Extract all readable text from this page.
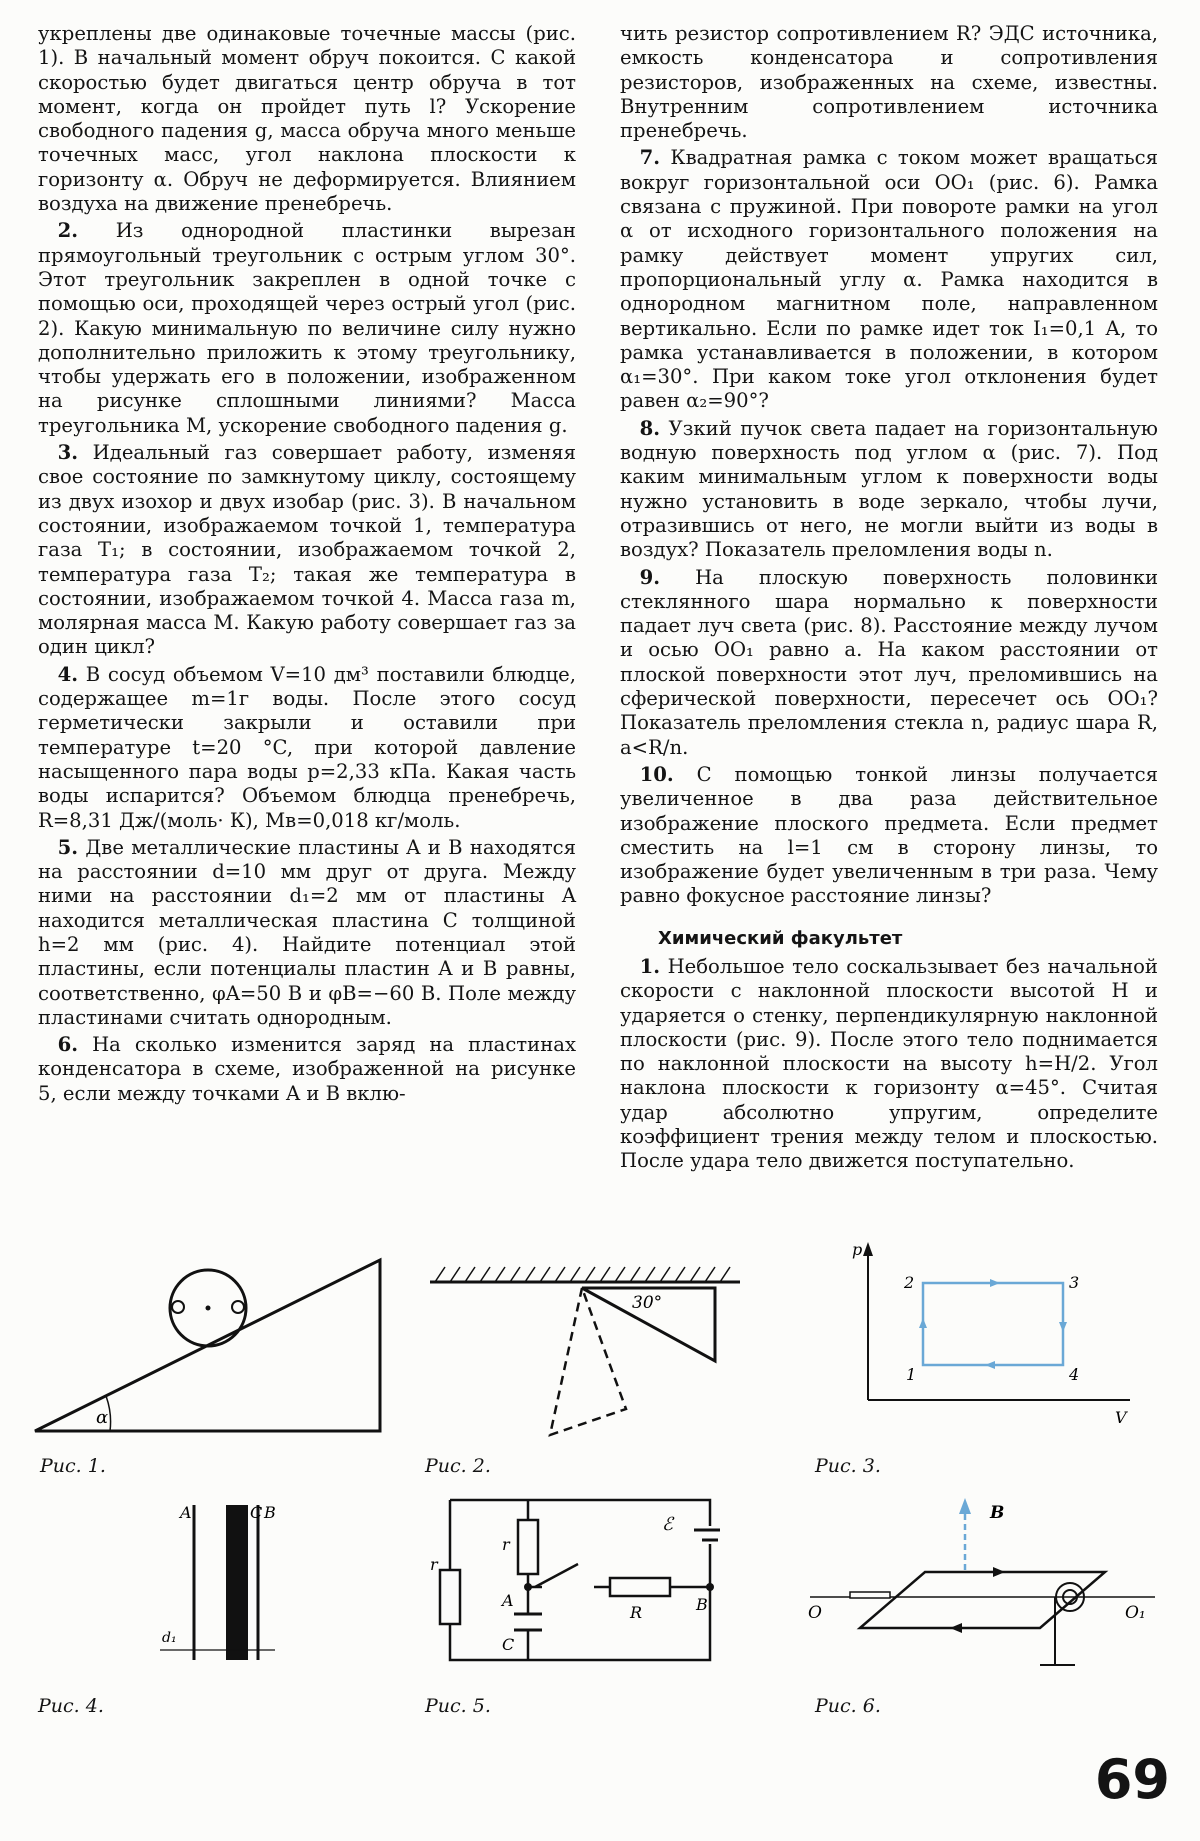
укреплены две одинаковые точечные массы (рис. 1). В начальный момент обруч покоится. С какой скоростью будет двигаться центр обруча в тот момент, когда он пройдет путь l? Ускорение свободного падения g, масса обруча много меньше точечных масс, угол наклона плоскости к горизонту α. Обруч не деформируется. Влиянием воздуха на движение пренебречь.

 2. Из однородной пластинки вырезан прямоугольный треугольник с острым углом 30°. Этот треугольник закреплен в одной точке с помощью оси, проходящей через острый угол (рис. 2). Какую минимальную по величине силу нужно дополнительно приложить к этому треугольнику, чтобы удержать его в положении, изображенном на рисунке сплошными линиями? Масса треугольника M, ускорение свободного падения g.

 3. Идеальный газ совершает работу, изменяя свое состояние по замкнутому циклу, состоящему из двух изохор и двух изобар (рис. 3). В начальном состоянии, изображаемом точкой 1, температура газа T₁; в состоянии, изображаемом точкой 2, температура газа T₂; такая же температура в состоянии, изображаемом точкой 4. Масса газа m, молярная масса M. Какую работу совершает газ за один цикл?

 4. В сосуд объемом V=10 дм³ поставили блюдце, содержащее m=1г воды. После этого сосуд герметически закрыли и оставили при температуре t=20 °C, при которой давление насыщенного пара воды p=2,33 кПа. Какая часть воды испарится? Объемом блюдца пренебречь, R=8,31 Дж/(моль· К), Mв=0,018 кг/моль.

 5. Две металлические пластины A и B находятся на расстоянии d=10 мм друг от друга. Между ними на расстоянии d₁=2 мм от пластины A находится металлическая пластина C толщиной h=2 мм (рис. 4). Найдите потенциал этой пластины, если потенциалы пластин A и B равны, соответственно, φA=50 В и φB=−60 В. Поле между пластинами считать однородным.

 6. На сколько изменится заряд на пластинах конденсатора в схеме, изображенной на рисунке 5, если между точками A и B вклю-

чить резистор сопротивлением R? ЭДС источника, емкость конденсатора и сопротивления резисторов, изображенных на схеме, известны. Внутренним сопротивлением источника пренебречь.

 7. Квадратная рамка с током может вращаться вокруг горизонтальной оси OO₁ (рис. 6). Рамка связана с пружиной. При повороте рамки на угол α от исходного горизонтального положения на рамку действует момент упругих сил, пропорциональный углу α. Рамка находится в однородном магнитном поле, направленном вертикально. Если по рамке идет ток I₁=0,1 А, то рамка устанавливается в положении, в котором α₁=30°. При каком токе угол отклонения будет равен α₂=90°?

 8. Узкий пучок света падает на горизонтальную водную поверхность под углом α (рис. 7). Под каким минимальным углом к поверхности воды нужно установить в воде зеркало, чтобы лучи, отразившись от него, не могли выйти из воды в воздух? Показатель преломления воды n.

 9. На плоскую поверхность половинки стеклянного шара нормально к поверхности падает луч света (рис. 8). Расстояние между лучом и осью OO₁ равно a. На каком расстоянии от плоской поверхности этот луч, преломившись на сферической поверхности, пересечет ось OO₁? Показатель преломления стекла n, радиус шара R, a<R/n.

 10. С помощью тонкой линзы получается увеличенное в два раза действительное изображение плоского предмета. Если предмет сместить на l=1 см в сторону линзы, то изображение будет увеличенным в три раза. Чему равно фокусное расстояние линзы?

Химический факультет

 1. Небольшое тело соскальзывает без начальной скорости с наклонной плоскости высотой H и ударяется о стенку, перпендикулярную наклонной плоскости (рис. 9). После этого тело поднимается по наклонной плоскости на высоту h=H/2. Угол наклона плоскости к горизонту α=45°. Считая удар абсолютно упругим, определите коэффициент трения между телом и плоскостью. После удара тело движется поступательно.

α
Рис. 1.
30°
Рис. 2.
p
V
2	3
1	4
Рис. 3.
A	C B
d₁
Рис. 4.
r
r
A	B
C
R
ℰ
Рис. 5.
B
O	O₁
Рис. 6.
69
